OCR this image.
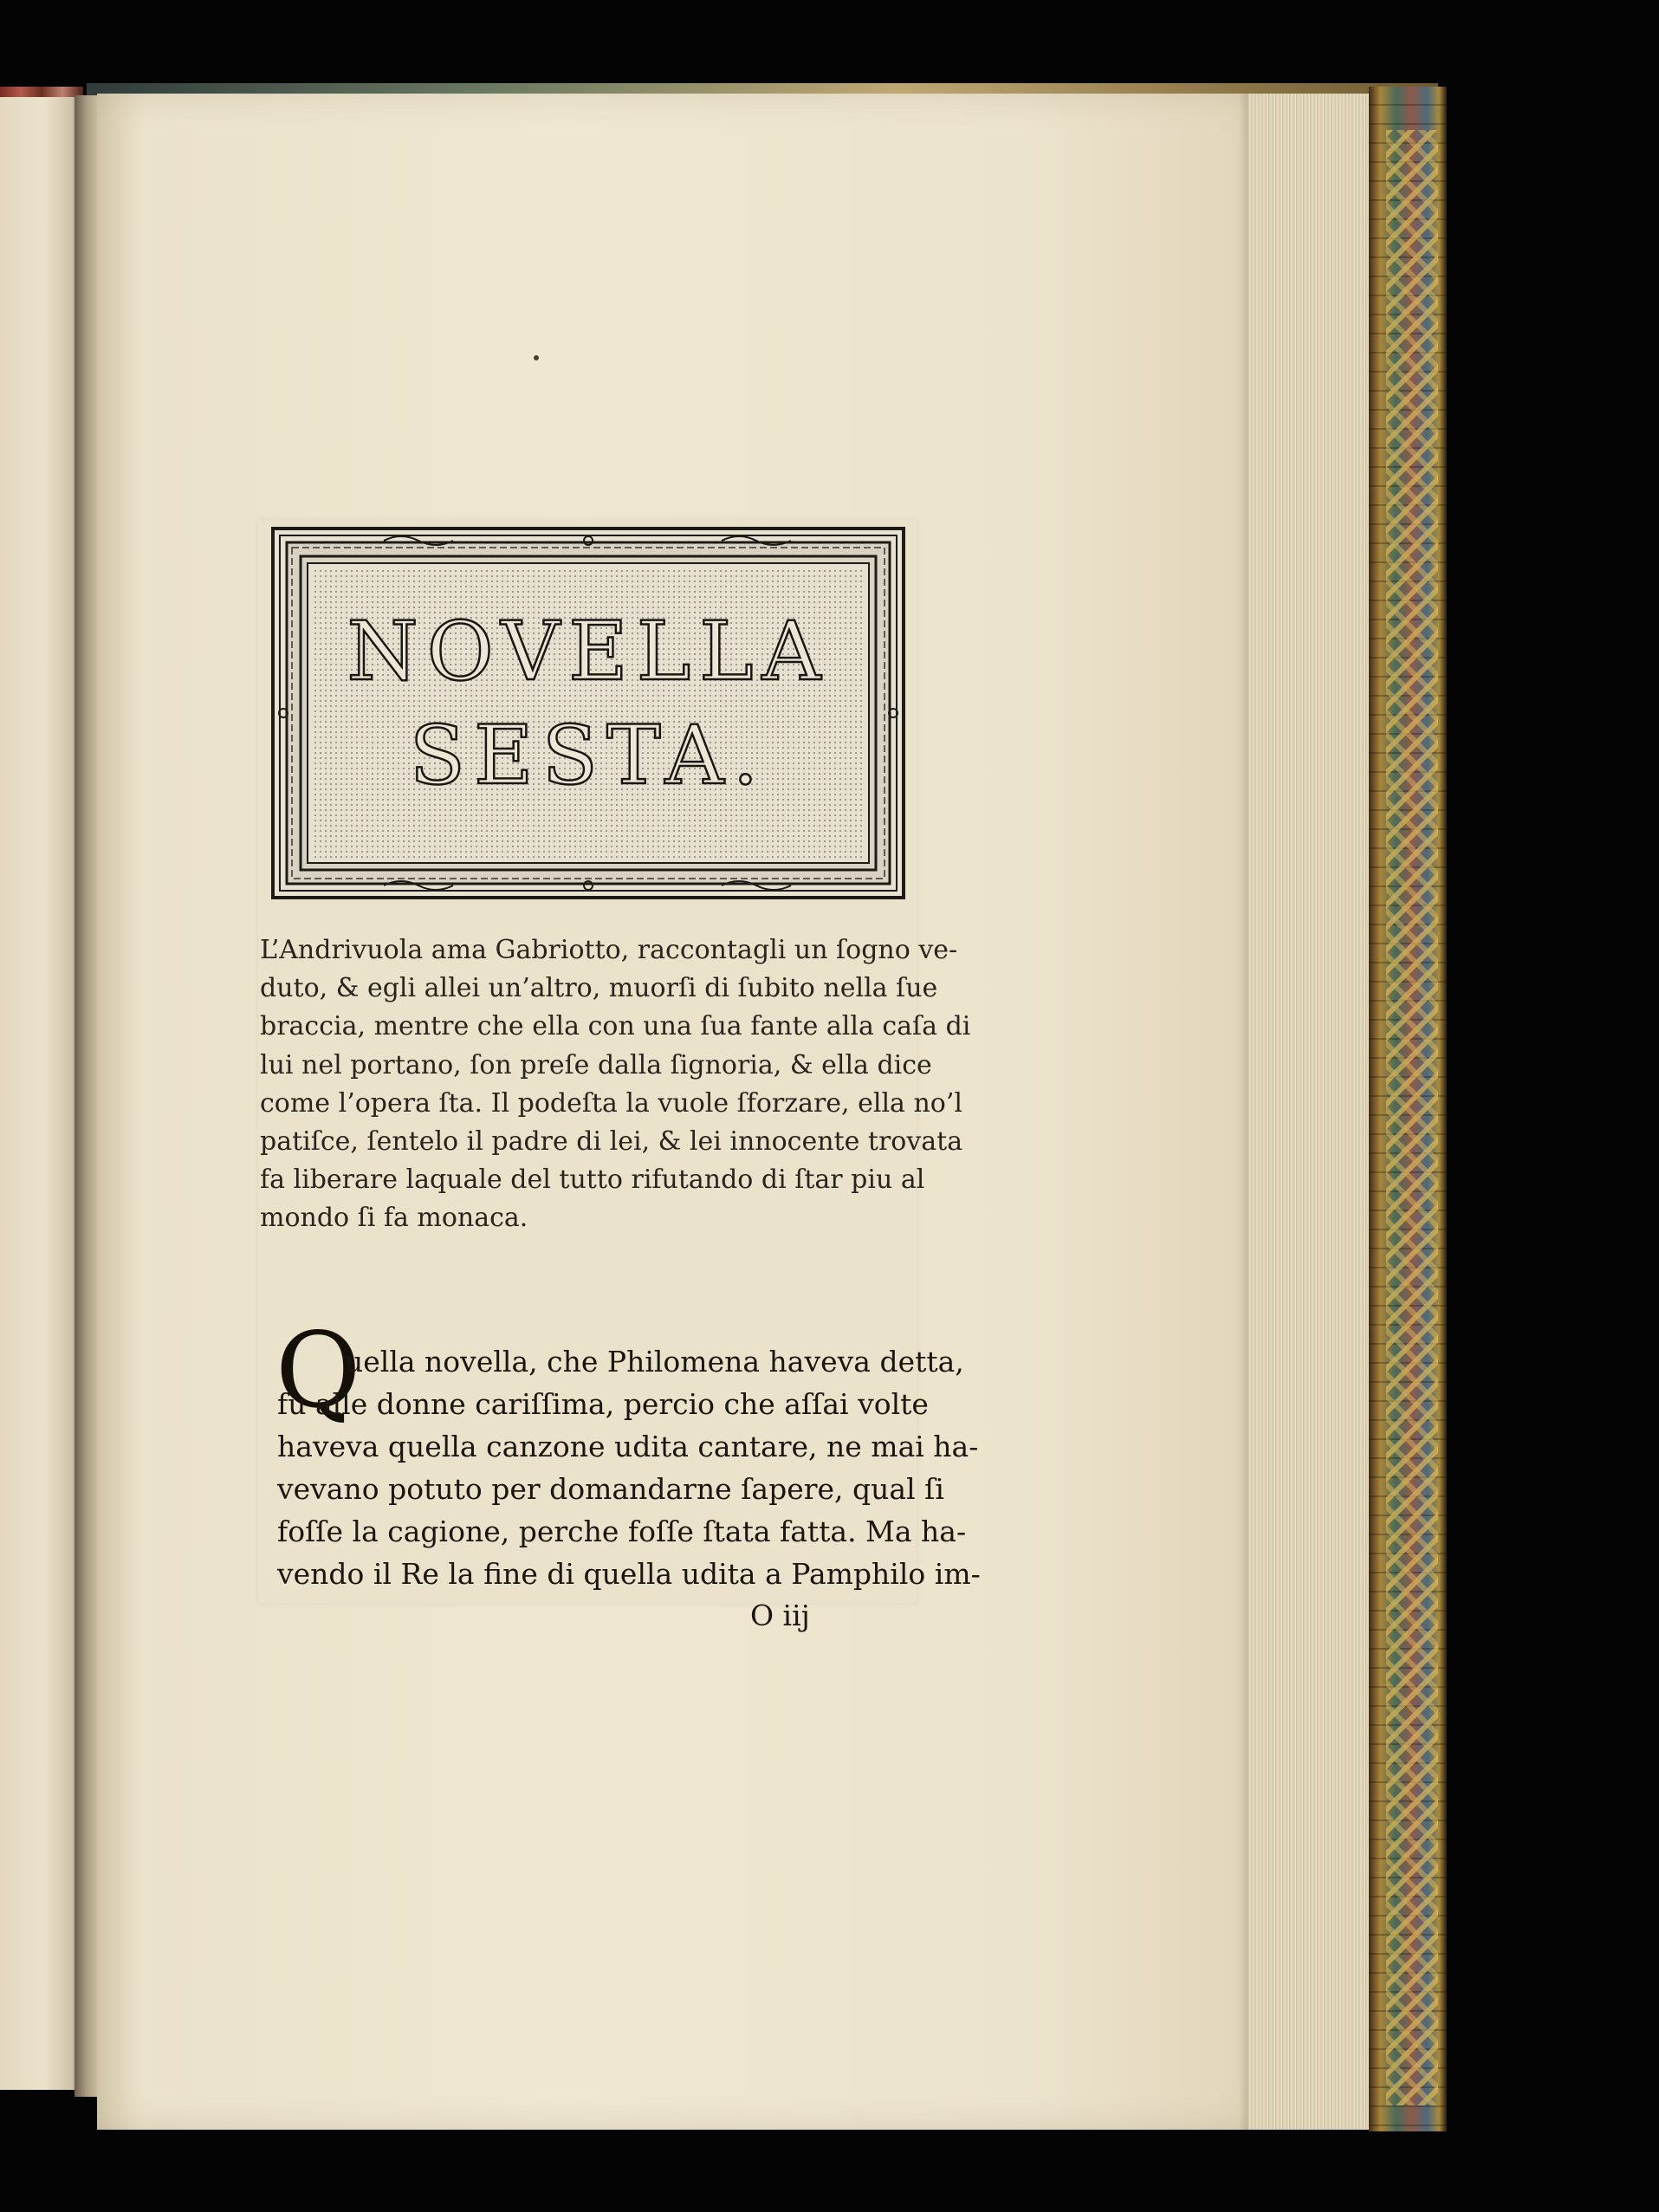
NOVELLA
SESTA.
L’Andrivuola ama Gabriotto, raccontagli un ſogno ve-
duto, & egli allei un’altro, muorſi di ſubito nella ſue
braccia, mentre che ella con una ſua fante alla caſa di
lui nel portano, ſon preſe dalla ſignoria, & ella dice
come l’opera ſta. Il podeſta la vuole ſforzare, ella no’l
patiſce, ſentelo il padre di lei, & lei innocente trovata
fa liberare laquale del tutto rifutando di ſtar piu al
mondo ſi fa monaca.
Q
uella novella, che Philomena haveva detta,
fu alle donne cariſſima, percio che aſſai volte
haveva quella canzone udita cantare, ne mai ha-
vevano potuto per domandarne ſapere, qual ſi
foſſe la cagione, perche foſſe ſtata fatta. Ma ha-
vendo il Re la fine di quella udita a Pamphilo im-
O iij
